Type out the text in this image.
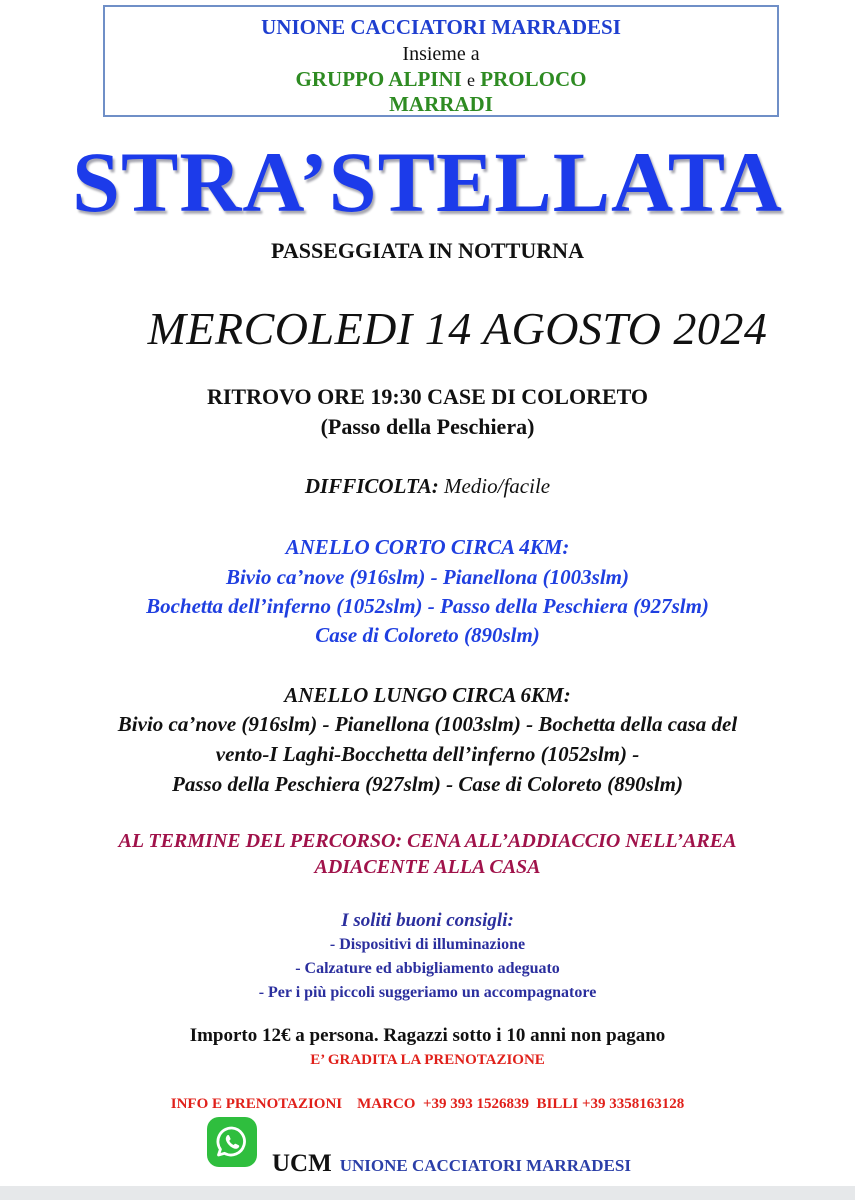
UNIONE CACCIATORI MARRADESI
Insieme a
GRUPPO ALPINI e PROLOCO
MARRADI
STRA’STELLATA
PASSEGGIATA IN NOTTURNA
MERCOLEDI 14 AGOSTO 2024
RITROVO ORE 19:30 CASE DI COLORETO
(Passo della Peschiera)
DIFFICOLTA: Medio/facile
ANELLO CORTO CIRCA 4KM:
Bivio ca’nove (916slm) - Pianellona (1003slm)
Bochetta dell’inferno (1052slm) - Passo della Peschiera (927slm)
Case di Coloreto (890slm)
ANELLO LUNGO CIRCA 6KM:
Bivio ca’nove (916slm) - Pianellona (1003slm) - Bochetta della casa del
vento-I Laghi-Bocchetta dell’inferno (1052slm) -
Passo della Peschiera (927slm) - Case di Coloreto (890slm)
AL TERMINE DEL PERCORSO: CENA ALL’ADDIACCIO NELL’AREA
ADIACENTE ALLA CASA
I soliti buoni consigli:
- Dispositivi di illuminazione
- Calzature ed abbigliamento adeguato
- Per i più piccoli suggeriamo un accompagnatore
Importo 12€ a persona. Ragazzi sotto i 10 anni non pagano
E’ GRADITA LA PRENOTAZIONE
INFO E PRENOTAZIONI    MARCO  +39 393 1526839  BILLI +39 3358163128
UCM UNIONE CACCIATORI MARRADESI
